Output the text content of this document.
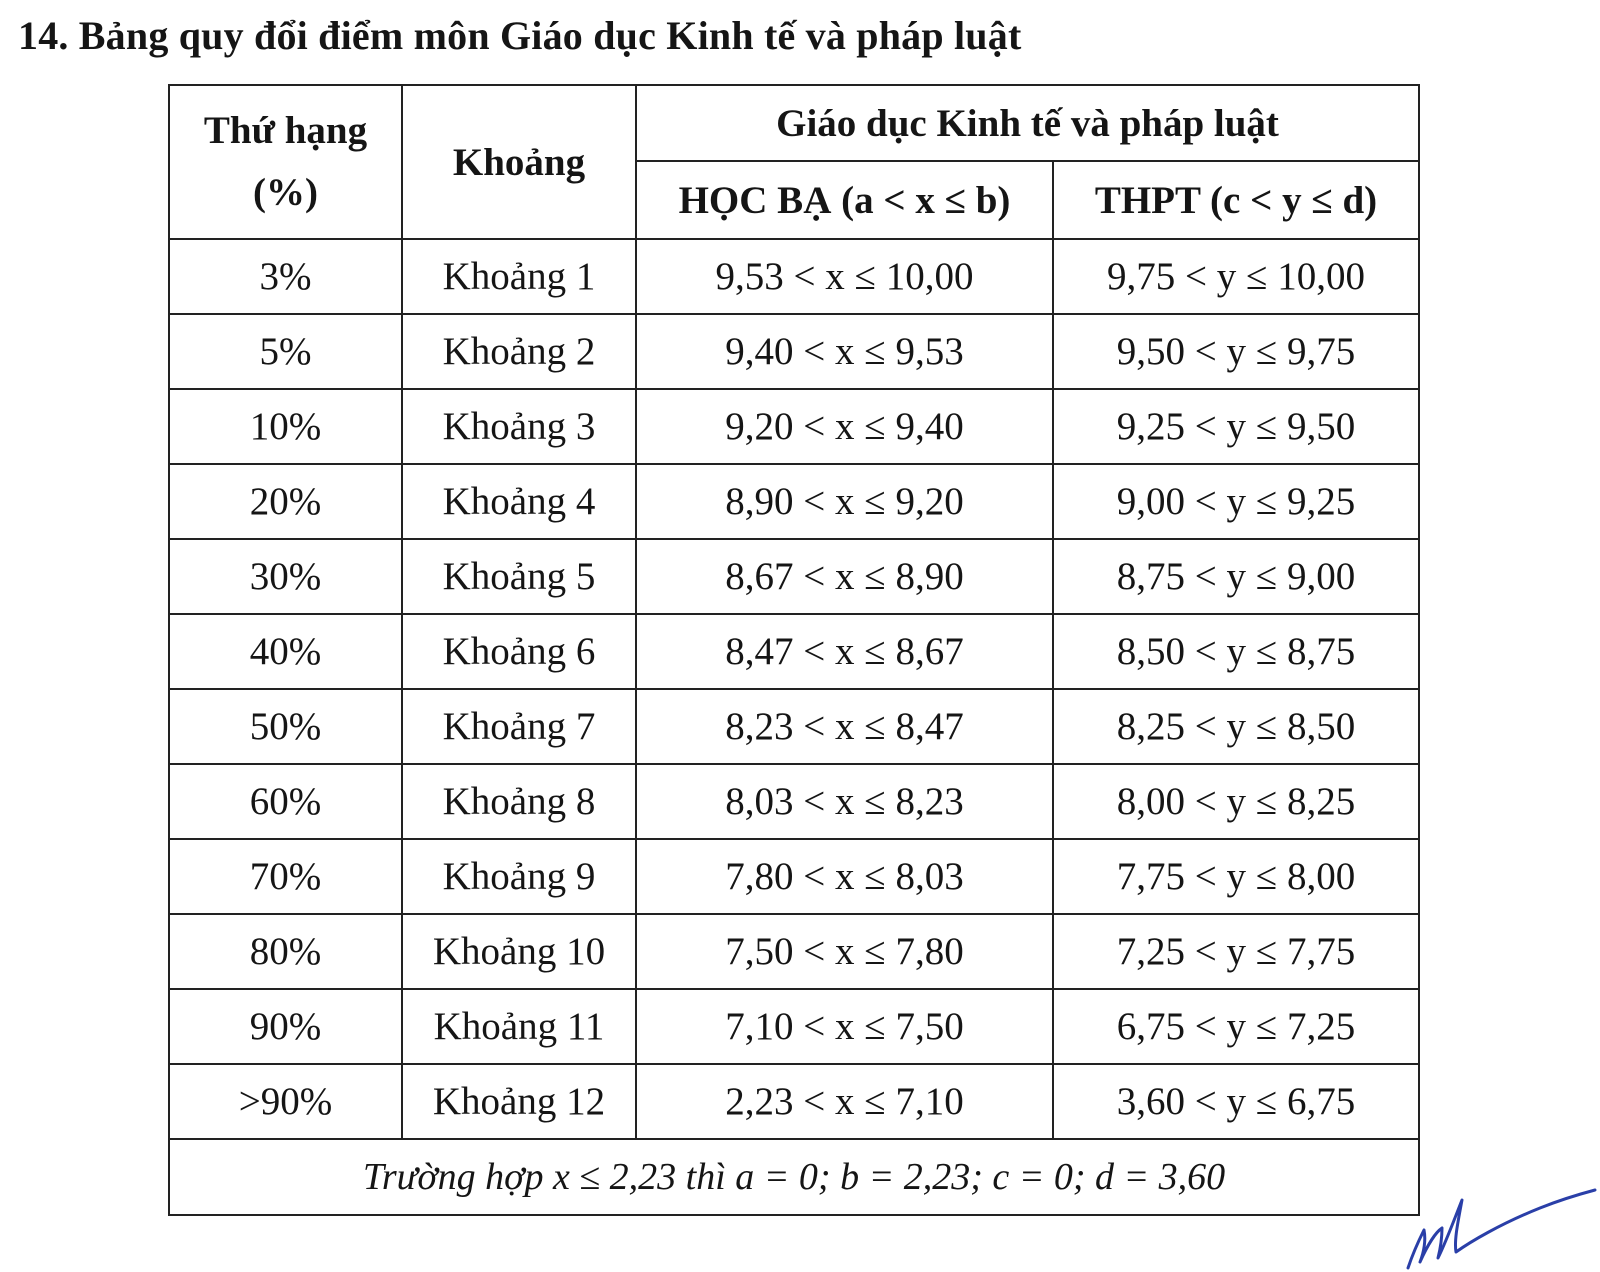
14. Bảng quy đổi điểm môn Giáo dục Kinh tế và pháp luật
Thứ hạng
(%)	Khoảng	Giáo dục Kinh tế và pháp luật	
		HỌC BẠ (a < x ≤ b)	THPT (c < y ≤ d)
3%	Khoảng 1	9,53 < x ≤ 10,00	9,75 < y ≤ 10,00
5%	Khoảng 2	9,40 < x ≤ 9,53	9,50 < y ≤ 9,75
10%	Khoảng 3	9,20 < x ≤ 9,40	9,25 < y ≤ 9,50
20%	Khoảng 4	8,90 < x ≤ 9,20	9,00 < y ≤ 9,25
30%	Khoảng 5	8,67 < x ≤ 8,90	8,75 < y ≤ 9,00
40%	Khoảng 6	8,47 < x ≤ 8,67	8,50 < y ≤ 8,75
50%	Khoảng 7	8,23 < x ≤ 8,47	8,25 < y ≤ 8,50
60%	Khoảng 8	8,03 < x ≤ 8,23	8,00 < y ≤ 8,25
70%	Khoảng 9	7,80 < x ≤ 8,03	7,75 < y ≤ 8,00
80%	Khoảng 10	7,50 < x ≤ 7,80	7,25 < y ≤ 7,75
90%	Khoảng 11	7,10 < x ≤ 7,50	6,75 < y ≤ 7,25
>90%	Khoảng 12	2,23 < x ≤ 7,10	3,60 < y ≤ 6,75
Trường hợp x ≤ 2,23 thì a = 0; b = 2,23; c = 0; d = 3,60			
